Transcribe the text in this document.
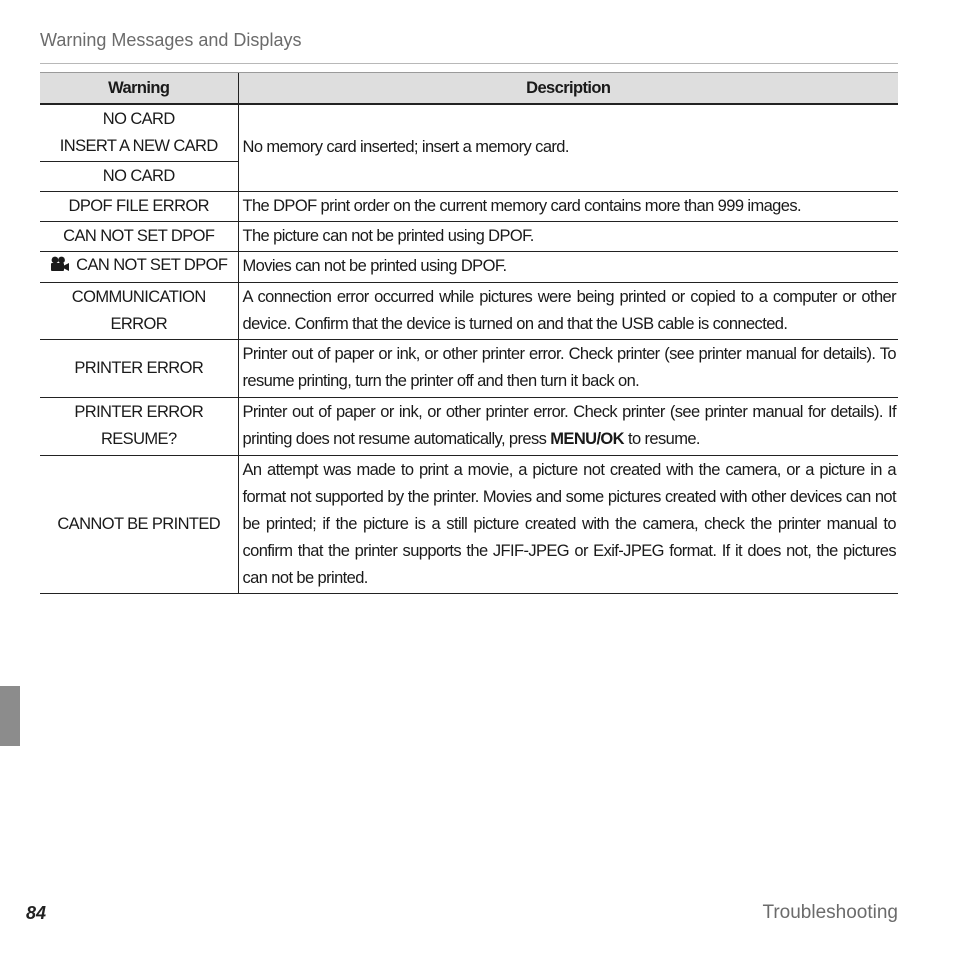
Warning Messages and Displays
Warning	Description

NO CARD
INSERT A NEW CARD	No memory card inserted; insert a memory card.
NO CARD	
DPOF FILE ERROR	The DPOF print order on the current memory card contains more than 999 images.
CAN NOT SET DPOF	The picture can not be printed using DPOF.
CAN NOT SET DPOF	Movies can not be printed using DPOF.
COMMUNICATION ERROR	A connection error occurred while pictures were being printed or copied to a computer or other device. Confirm that the device is turned on and that the USB cable is connected.
PRINTER ERROR	Printer out of paper or ink, or other printer error. Check printer (see printer manual for details). To resume printing, turn the printer off and then turn it back on.

PRINTER ERROR
RESUME?	Printer out of paper or ink, or other printer error. Check printer (see printer manual for details). If printing does not resume automatically, press MENU/OK to resume.
CANNOT BE PRINTED	An attempt was made to print a movie, a picture not created with the camera, or a picture in a format not supported by the printer. Movies and some pictures created with other devices can not be printed; if the picture is a still picture created with the camera, check the printer manual to confirm that the printer supports the JFIF-JPEG or Exif-JPEG format. If it does not, the pictures can not be printed.
84	Troubleshooting
